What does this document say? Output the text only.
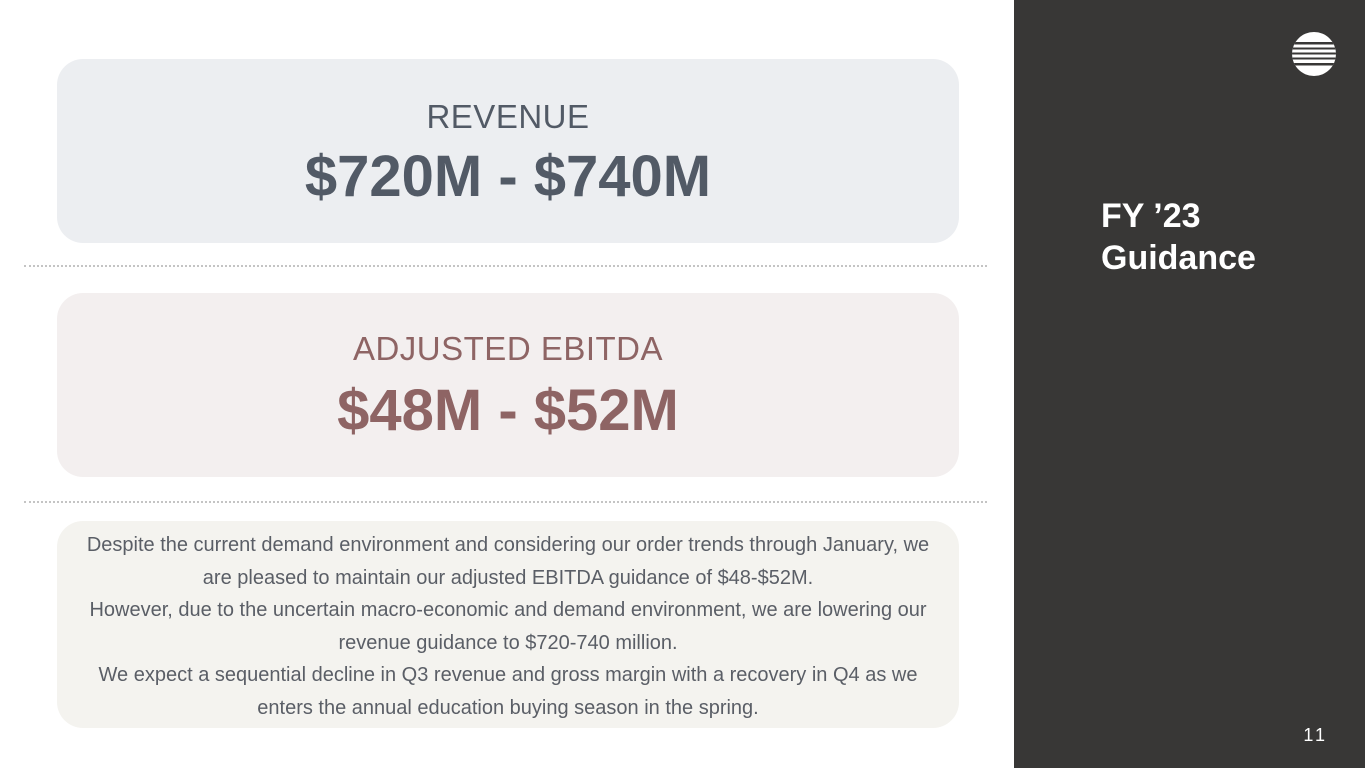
REVENUE
$720M - $740M
ADJUSTED EBITDA
$48M - $52M

Despite the current demand environment and considering our order trends through January, we are pleased to maintain our adjusted EBITDA guidance of $48-$52M.

However, due to the uncertain macro-economic and demand environment, we are lowering our revenue guidance to $720-740 million.

We expect a sequential decline in Q3 revenue and gross margin with a recovery in Q4 as we enters the annual education buying season in the spring.

FY ’23
Guidance
11
